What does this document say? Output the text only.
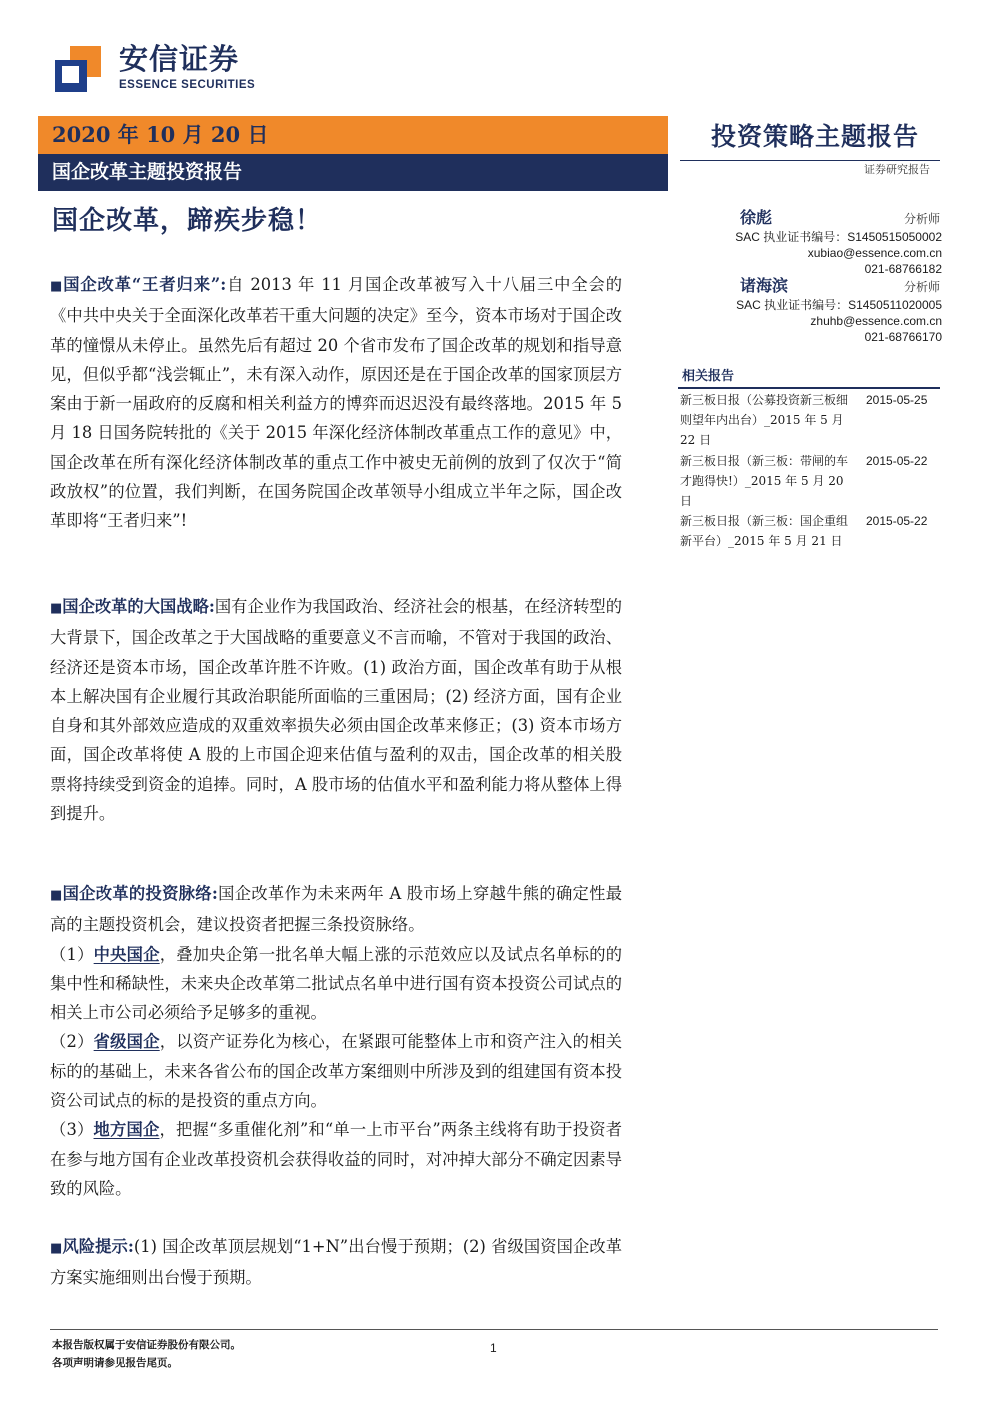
安信证券
ESSENCE SECURITIES
2020 年 10 月 20 日
国企改革主题投资报告
投资策略主题报告
证券研究报告
国企改革，蹄疾步稳！
■国企改革“王者归来”:自 2013 年 11 月国企改革被写入十八届三中全会的《中共中央关于全面深化改革若干重大问题的决定》至今，资本市场对于国企改革的憧憬从未停止。虽然先后有超过 20 个省市发布了国企改革的规划和指导意见，但似乎都“浅尝辄止”，未有深入动作，原因还是在于国企改革的国家顶层方案由于新一届政府的反腐和相关利益方的博弈而迟迟没有最终落地。2015 年 5 月 18 日国务院转批的《关于 2015 年深化经济体制改革重点工作的意见》中，国企改革在所有深化经济体制改革的重点工作中被史无前例的放到了仅次于“简政放权”的位置，我们判断，在国务院国企改革领导小组成立半年之际，国企改革即将“王者归来”!
■国企改革的大国战略:国有企业作为我国政治、经济社会的根基，在经济转型的大背景下，国企改革之于大国战略的重要意义不言而喻，不管对于我国的政治、经济还是资本市场，国企改革许胜不许败。(1) 政治方面，国企改革有助于从根本上解决国有企业履行其政治职能所面临的三重困局；(2) 经济方面，国有企业自身和其外部效应造成的双重效率损失必须由国企改革来修正；(3) 资本市场方面，国企改革将使 A 股的上市国企迎来估值与盈利的双击，国企改革的相关股票将持续受到资金的追捧。同时，A 股市场的估值水平和盈利能力将从整体上得到提升。
■国企改革的投资脉络:国企改革作为未来两年 A 股市场上穿越牛熊的确定性最高的主题投资机会，建议投资者把握三条投资脉络。
（1）中央国企，叠加央企第一批名单大幅上涨的示范效应以及试点名单标的的集中性和稀缺性，未来央企改革第二批试点名单中进行国有资本投资公司试点的相关上市公司必须给予足够多的重视。
（2）省级国企，以资产证券化为核心，在紧跟可能整体上市和资产注入的相关标的的基础上，未来各省公布的国企改革方案细则中所涉及到的组建国有资本投资公司试点的标的是投资的重点方向。
（3）地方国企，把握“多重催化剂”和“单一上市平台”两条主线将有助于投资者在参与地方国有企业改革投资机会获得收益的同时，对冲掉大部分不确定因素导致的风险。
■风险提示:(1) 国企改革顶层规划“1+N”出台慢于预期；(2) 省级国资国企改革方案实施细则出台慢于预期。
徐彪	分析师
SAC 执业证书编号：S1450515050002
xubiao@essence.com.cn
021-68766182
诸海滨	分析师
SAC 执业证书编号：S1450511020005
zhuhb@essence.com.cn
021-68766170
相关报告
新三板日报（公募投资新三板细则望年内出台）_2015 年 5 月 22 日
2015-05-25
新三板日报（新三板：带闸的车才跑得快!）_2015 年 5 月 20 日
2015-05-22
新三板日报（新三板：国企重组新平台）_2015 年 5 月 21 日
2015-05-22
本报告版权属于安信证券股份有限公司。
各项声明请参见报告尾页。
1
